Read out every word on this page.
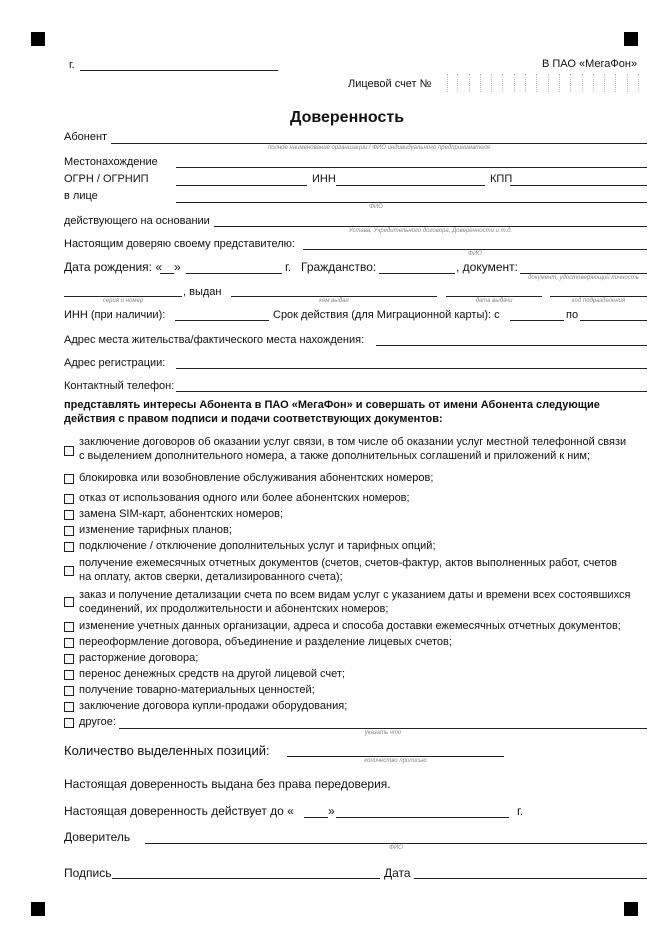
г.	В ПАО «МегаФон»
Лицевой счет №
Доверенность
Абонент
полное наименование организации / ФИО индивидуального предпринимателя
Местонахождение
ОГРН / ОГРНИП	ИНН	КПП
в лице
ФИО
действующего на основании
Устава, Учредительного договора, Доверенности и т.д.
Настоящим доверяю своему представителю:
ФИО
Дата рождения: « »	г. Гражданство:	, документ:
документ, удостоверяющий личность
серия и номер
, выдан
кем выдан	дата выдачи	код подразделения
ИНН (при наличии):	Срок действия (для Миграционной карты): с	по
Адрес места жительства/фактического места нахождения:
Адрес регистрации:
Контактный телефон:
представлять интересы Абонента в ПАО «МегаФон» и совершать от имени Абонента следующие
действия с правом подписи и подачи соответствующих документов:
заключение договоров об оказании услуг связи, в том числе об оказании услуг местной телефонной связи
с выделением дополнительного номера, а также дополнительных соглашений и приложений к ним;
блокировка или возобновление обслуживания абонентских номеров;
отказ от использования одного или более абонентских номеров;
замена SIM-карт, абонентских номеров;
изменение тарифных планов;
подключение / отключение дополнительных услуг и тарифных опций;
получение ежемесячных отчетных документов (счетов, счетов-фактур, актов выполненных работ, счетов
на оплату, актов сверки, детализированного счета);
заказ и получение детализации счета по всем видам услуг с указанием даты и времени всех состоявшихся
соединений, их продолжительности и абонентских номеров;
изменение учетных данных организации, адреса и способа доставки ежемесячных отчетных документов;
переоформление договора, объединение и разделение лицевых счетов;
расторжение договора;
перенос денежных средств на другой лицевой счет;
получение товарно-материальных ценностей;
заключение договора купли-продажи оборудования;
другое:
указать что
Количество выделенных позиций:
количество прописью
Настоящая доверенность выдана без права передоверия.
Настоящая доверенность действует до «	»	г.
Доверитель
ФИО
Подпись	Дата
